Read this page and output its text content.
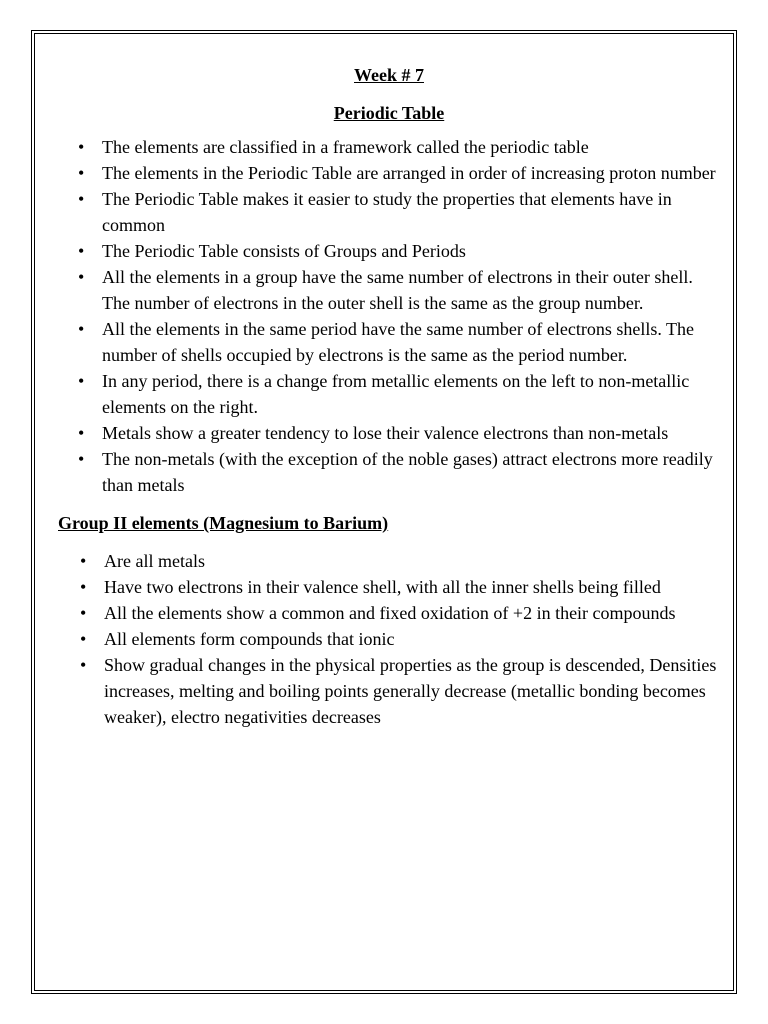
Week # 7

Periodic Table

• The elements are classified in a framework called the periodic table
• The elements in the Periodic Table are arranged in order of increasing proton number
• The Periodic Table makes it easier to study the properties that elements have in common
• The Periodic Table consists of Groups and Periods
• All the elements in a group have the same number of electrons in their outer shell. The number of electrons in the outer shell is the same as the group number.
• All the elements in the same period have the same number of electrons shells. The number of shells occupied by electrons is the same as the period number.
• In any period, there is a change from metallic elements on the left to non-metallic elements on the right.
• Metals show a greater tendency to lose their valence electrons than non-metals
• The non-metals (with the exception of the noble gases) attract electrons more readily than metals

Group II elements (Magnesium to Barium)

• Are all metals
• Have two electrons in their valence shell, with all the inner shells being filled
• All the elements show a common and fixed oxidation of +2 in their compounds
• All elements form compounds that ionic
• Show gradual changes in the physical properties as the group is descended, Densities increases, melting and boiling points generally decrease (metallic bonding becomes weaker), electro negativities decreases
